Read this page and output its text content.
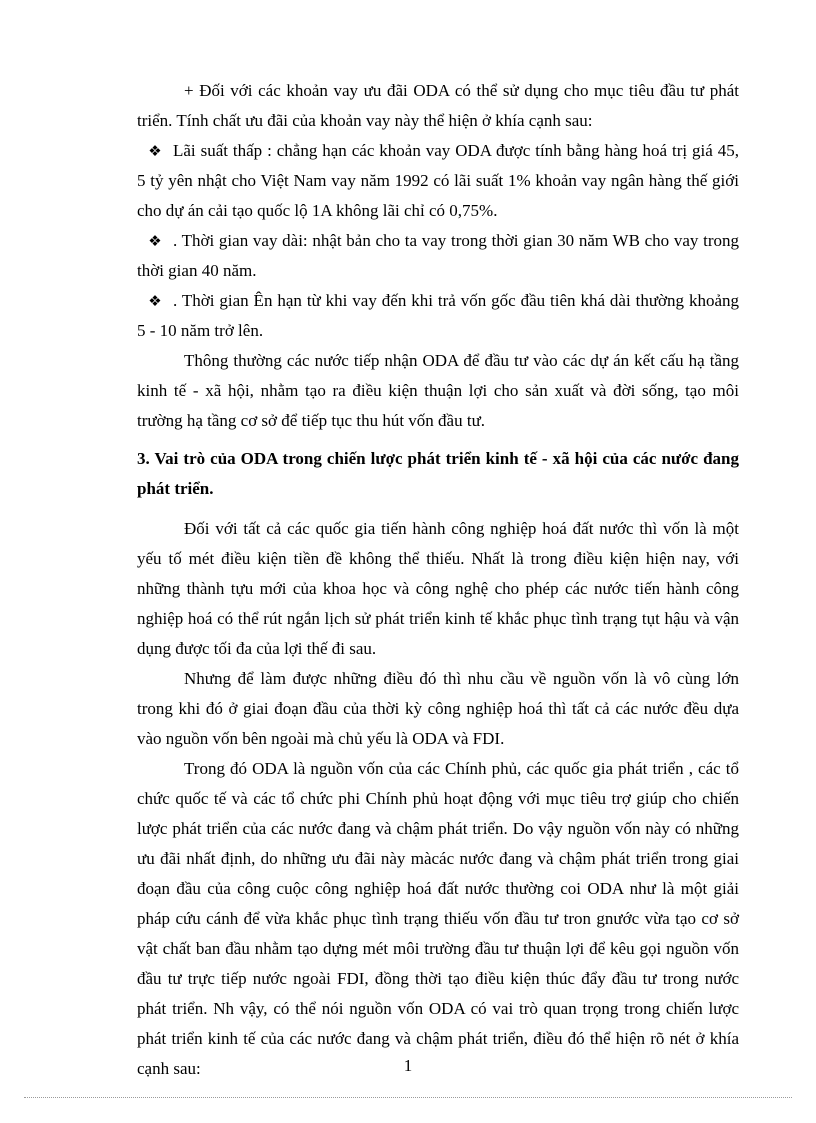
+ Đối với các khoản vay ưu đãi ODA có thể sử dụng cho mục tiêu đầu tư phát triển. Tính chất ưu đãi của khoản vay này thể hiện ở khía cạnh sau:

❖ Lãi suất thấp : chẳng hạn các khoản vay ODA được tính bằng hàng hoá trị giá 45, 5 tỷ yên nhật cho Việt Nam vay năm 1992 có lãi suất 1% khoản vay ngân hàng thế giới cho dự án cải tạo quốc lộ 1A không lãi chỉ có 0,75%.

❖ . Thời gian vay dài: nhật bản cho ta vay trong thời gian 30 năm WB cho vay trong thời gian 40 năm.

❖ . Thời gian Ên hạn từ khi vay đến khi trả vốn gốc đầu tiên khá dài thường khoảng 5 - 10 năm trở lên.

Thông thường các nước tiếp nhận ODA để đầu tư vào các dự án kết cấu hạ tầng kinh tế - xã hội, nhằm tạo ra điều kiện thuận lợi cho sản xuất và đời sống, tạo môi trường hạ tầng cơ sở để tiếp tục thu hút vốn đầu tư.

3. Vai trò của ODA trong chiến lược phát triển kinh tế - xã hội của các nước đang phát triển.

Đối với tất cả các quốc gia tiến hành công nghiệp hoá đất nước thì vốn là một yếu tố mét điều kiện tiền đề không thể thiếu. Nhất là trong điều kiện hiện nay, với những thành tựu mới của khoa học và công nghệ cho phép các nước tiến hành công nghiệp hoá có thể rút ngắn lịch sử phát triển kinh tế khắc phục tình trạng tụt hậu và vận dụng được tối đa của lợi thế đi sau.

Nhưng để làm được những điều đó thì nhu cầu về nguồn vốn là vô cùng lớn trong khi đó ở giai đoạn đầu của thời kỳ công nghiệp hoá thì tất cả các nước đều dựa vào nguồn vốn bên ngoài mà chủ yếu là ODA và FDI.

Trong đó ODA là nguồn vốn của các Chính phủ, các quốc gia phát triển , các tổ chức quốc tế và các tổ chức phi Chính phủ hoạt động với mục tiêu trợ giúp cho chiến lược phát triển của các nước đang và chậm phát triển. Do vậy nguồn vốn này có những ưu đãi nhất định, do những ưu đãi này màcác nước đang và chậm phát triển trong giai đoạn đầu của công cuộc công nghiệp hoá đất nước thường coi ODA như là một giải pháp cứu cánh để vừa khắc phục tình trạng thiếu vốn đầu tư tron gnước vừa tạo cơ sở vật chất ban đầu nhằm tạo dựng mét môi trường đầu tư thuận lợi để kêu gọi nguồn vốn đầu tư trực tiếp nước ngoài FDI, đồng thời tạo điều kiện thúc đẩy đầu tư trong nước phát triển. Nh vậy, có thể nói nguồn vốn ODA có vai trò quan trọng trong chiến lược phát triển kinh tế của các nước đang và chậm phát triển, điều đó thể hiện rõ nét ở khía cạnh sau:	1
